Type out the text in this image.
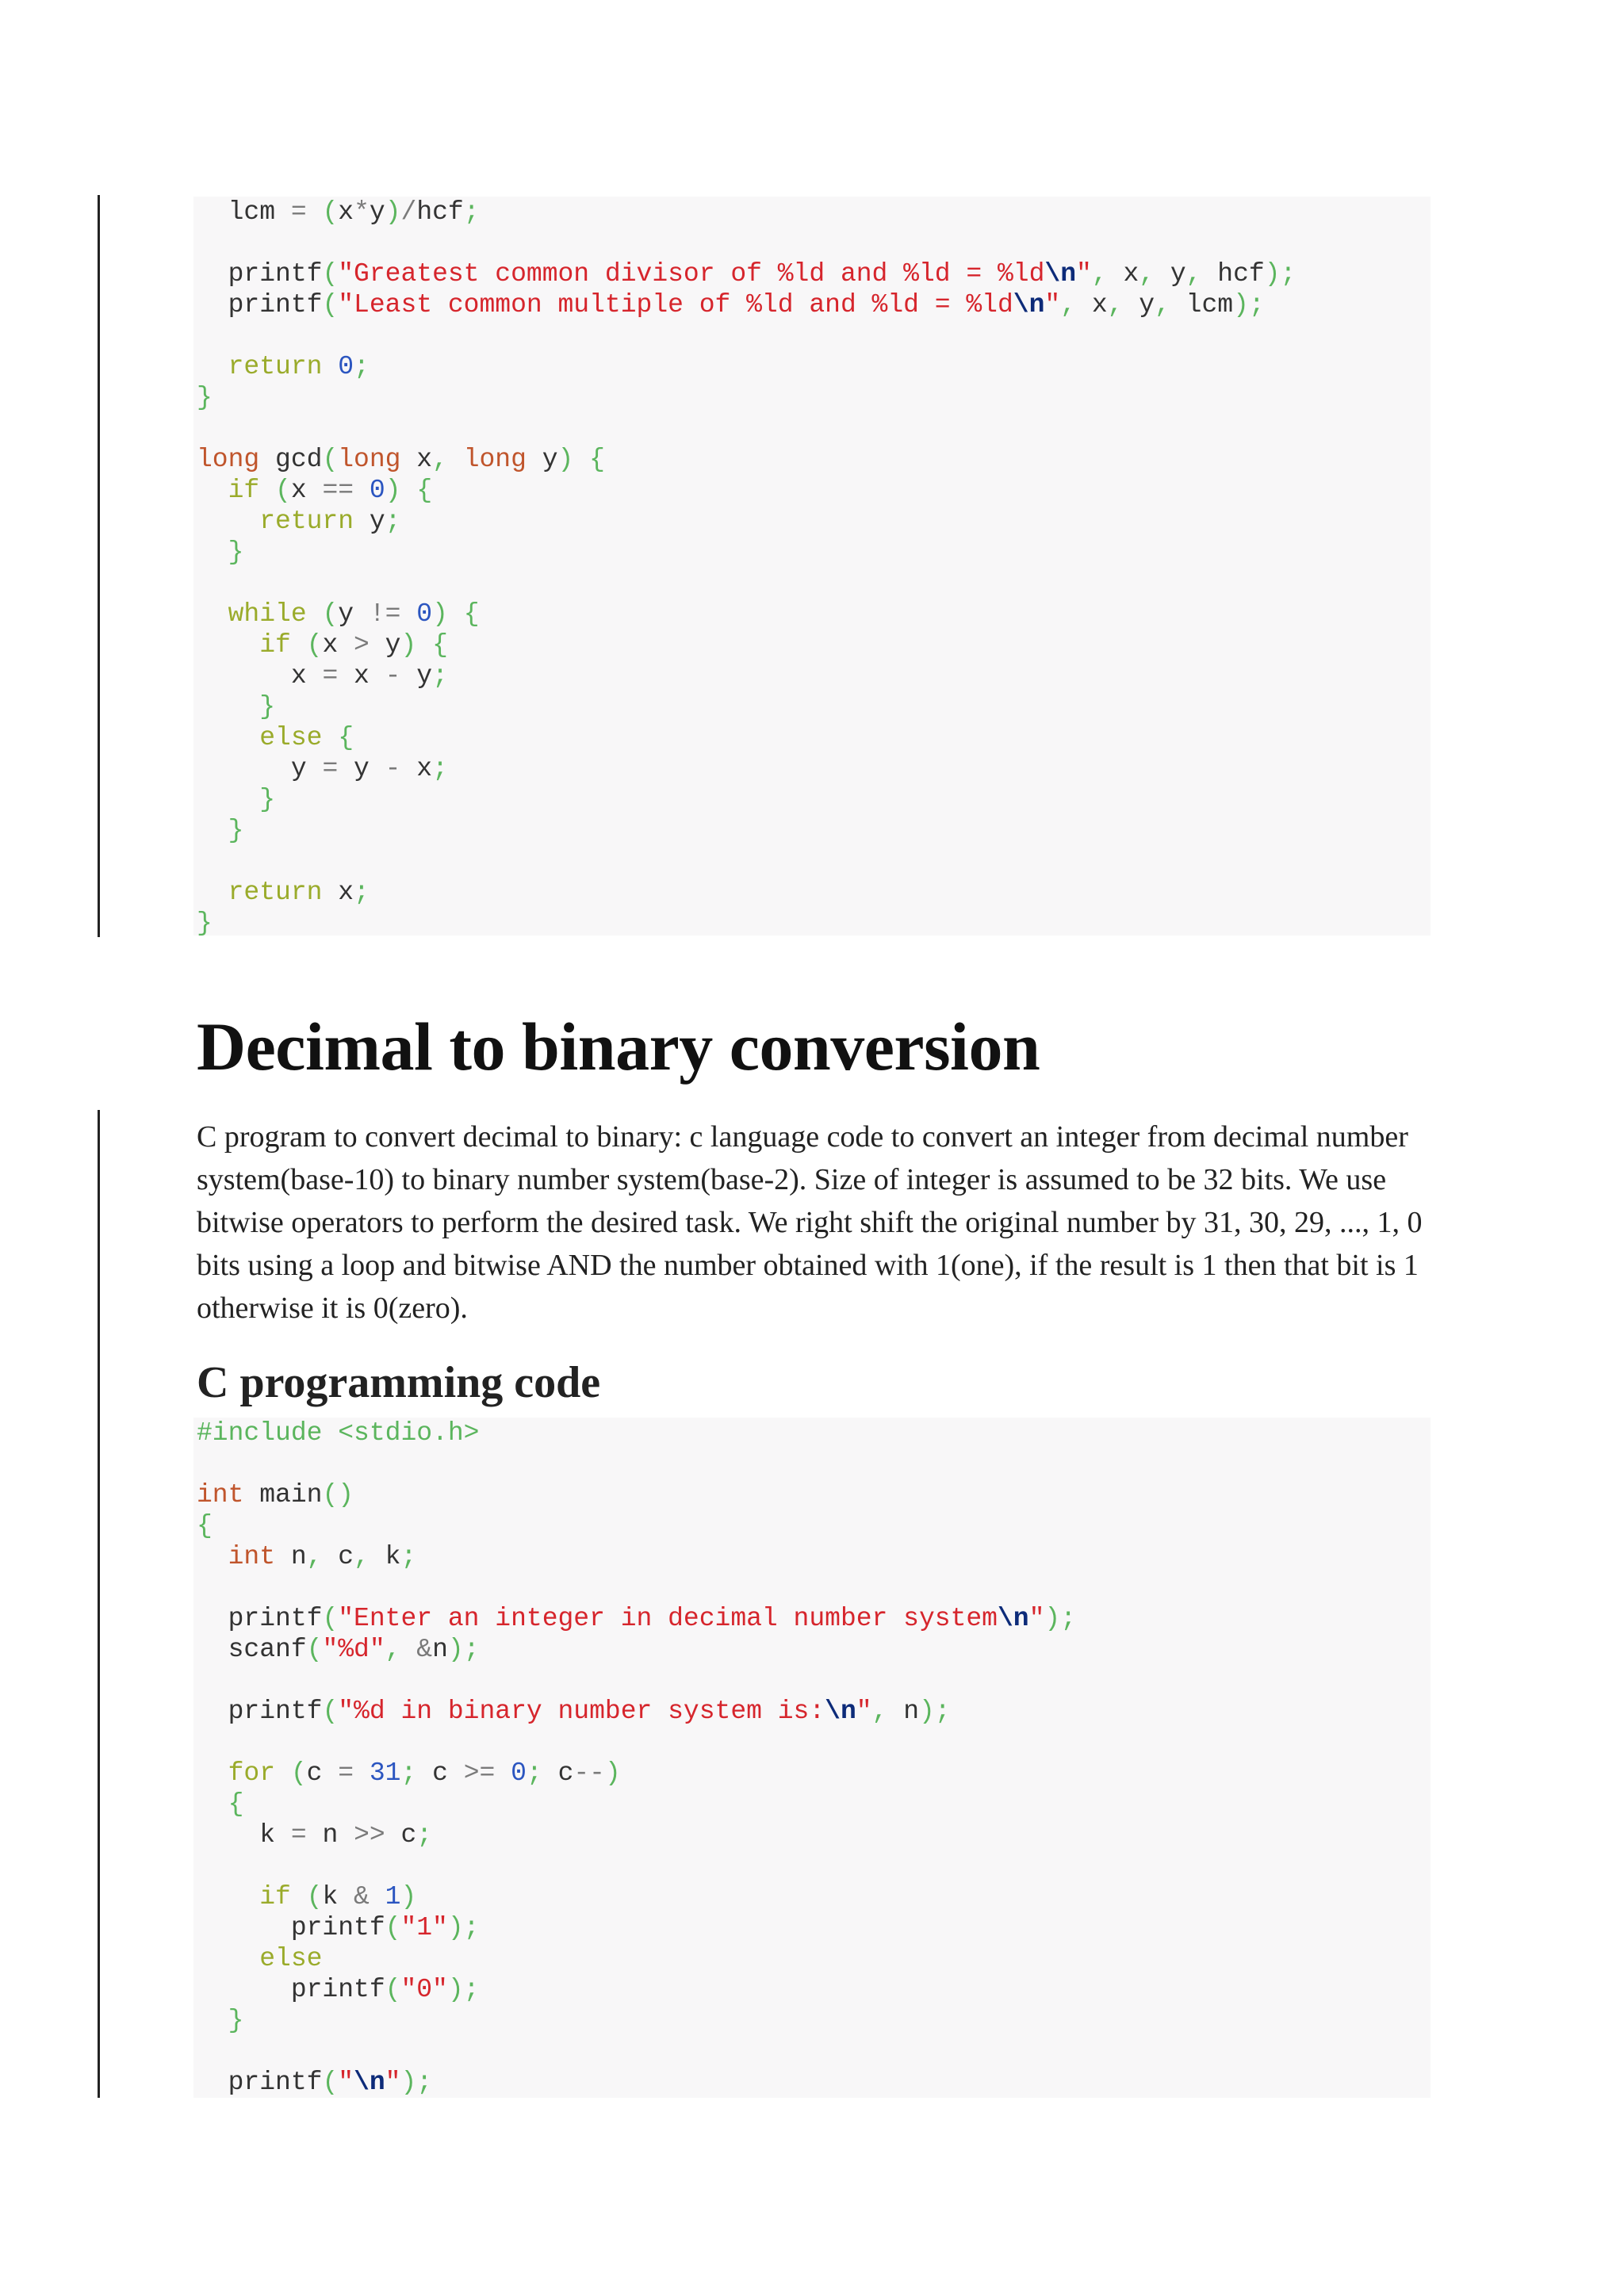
lcm = (x*y)/hcf;
printf("Greatest common divisor of %ld and %ld = %ld\n", x, y, hcf);
printf("Least common multiple of %ld and %ld = %ld\n", x, y, lcm);
return 0;
}
long gcd(long x, long y) {
if (x == 0) {
return y;
}
while (y != 0) {
if (x > y) {
x = x - y;
}
else {
y = y - x;
}
}
return x;
}
Decimal to binary conversion

C program to convert decimal to binary: c language code to convert an integer from decimal number system(base-10) to binary number system(base-2). Size of integer is assumed to be 32 bits. We use bitwise operators to perform the desired task. We right shift the original number by 31, 30, 29, ..., 1, 0 bits using a loop and bitwise AND the number obtained with 1(one), if the result is 1 then that bit is 1 otherwise it is 0(zero).

C programming code
#include <stdio.h>
int main()
{
int n, c, k;
printf("Enter an integer in decimal number system\n");
scanf("%d", &n);
printf("%d in binary number system is:\n", n);
for (c = 31; c >= 0; c--)
{
k = n >> c;
if (k & 1)
printf("1");
else
printf("0");
}
printf("\n");
